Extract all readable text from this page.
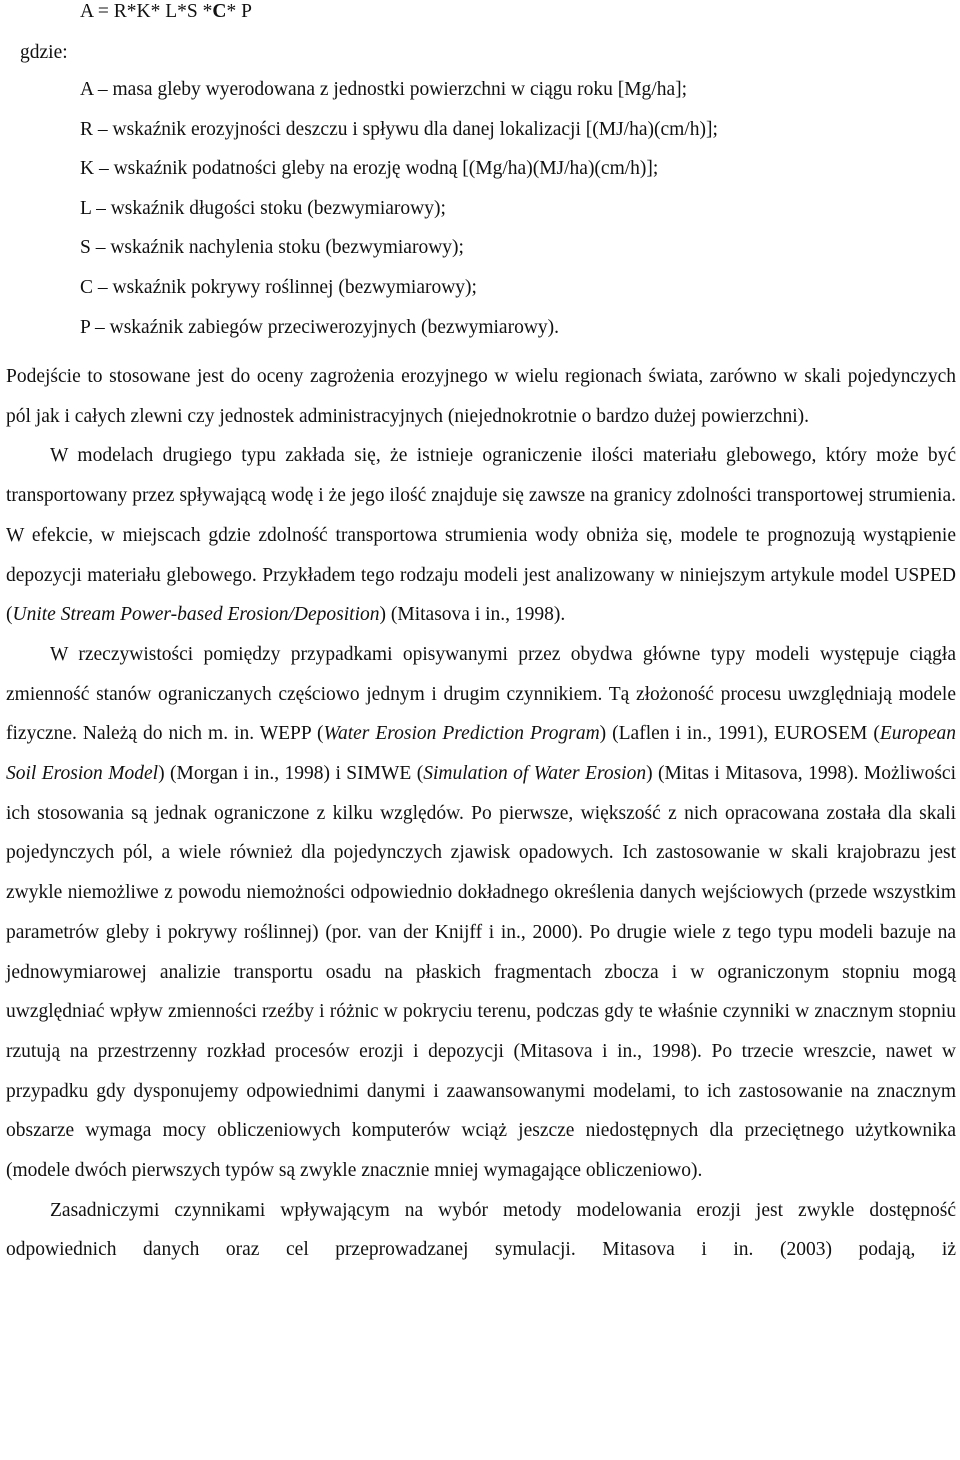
A = R*K* L*S *C* P
gdzie:
A – masa gleby wyerodowana z jednostki powierzchni w ciągu roku [Mg/ha];
R – wskaźnik erozyjności deszczu i spływu dla danej lokalizacji [(MJ/ha)(cm/h)];
K – wskaźnik podatności gleby na erozję wodną [(Mg/ha)(MJ/ha)(cm/h)];
L – wskaźnik długości stoku (bezwymiarowy);
S – wskaźnik nachylenia stoku (bezwymiarowy);
C – wskaźnik pokrywy roślinnej (bezwymiarowy);
P – wskaźnik zabiegów przeciwerozyjnych (bezwymiarowy).

Podejście to stosowane jest do oceny zagrożenia erozyjnego w wielu regionach świata, zarówno w skali pojedynczych pól jak i całych zlewni czy jednostek administracyjnych (niejednokrotnie o bardzo dużej powierzchni).

W modelach drugiego typu zakłada się, że istnieje ograniczenie ilości materiału glebowego, który może być transportowany przez spływającą wodę i że jego ilość znajduje się zawsze na granicy zdolności transportowej strumienia. W efekcie, w miejscach gdzie zdolność transportowa strumienia wody obniża się, modele te prognozują wystąpienie depozycji materiału glebowego. Przykładem tego rodzaju modeli jest analizowany w niniejszym artykule model USPED (Unite Stream Power-based Erosion/Deposition) (Mitasova i in., 1998).

W rzeczywistości pomiędzy przypadkami opisywanymi przez obydwa główne typy modeli występuje ciągła zmienność stanów ograniczanych częściowo jednym i drugim czynnikiem. Tą złożoność procesu uwzględniają modele fizyczne. Należą do nich m. in. WEPP (Water Erosion Prediction Program) (Laflen i in., 1991), EUROSEM (European Soil Erosion Model) (Morgan i in., 1998) i SIMWE (Simulation of Water Erosion) (Mitas i Mitasova, 1998). Możliwości ich stosowania są jednak ograniczone z kilku względów. Po pierwsze, większość z nich opracowana została dla skali pojedynczych pól, a wiele również dla pojedynczych zjawisk opadowych. Ich zastosowanie w skali krajobrazu jest zwykle niemożliwe z powodu niemożności odpowiednio dokładnego określenia danych wejściowych (przede wszystkim parametrów gleby i pokrywy roślinnej) (por. van der Knijff i in., 2000). Po drugie wiele z tego typu modeli bazuje na jednowymiarowej analizie transportu osadu na płaskich fragmentach zbocza i w ograniczonym stopniu mogą uwzględniać wpływ zmienności rzeźby i różnic w pokryciu terenu, podczas gdy te właśnie czynniki w znacznym stopniu rzutują na przestrzenny rozkład procesów erozji i depozycji (Mitasova i in., 1998). Po trzecie wreszcie, nawet w przypadku gdy dysponujemy odpowiednimi danymi i zaawansowanymi modelami, to ich zastosowanie na znacznym obszarze wymaga mocy obliczeniowych komputerów wciąż jeszcze niedostępnych dla przeciętnego użytkownika (modele dwóch pierwszych typów są zwykle znacznie mniej wymagające obliczeniowo).

Zasadniczymi czynnikami wpływającym na wybór metody modelowania erozji jest zwykle dostępność odpowiednich danych oraz cel przeprowadzanej symulacji. Mitasova i in. (2003) podają, iż
